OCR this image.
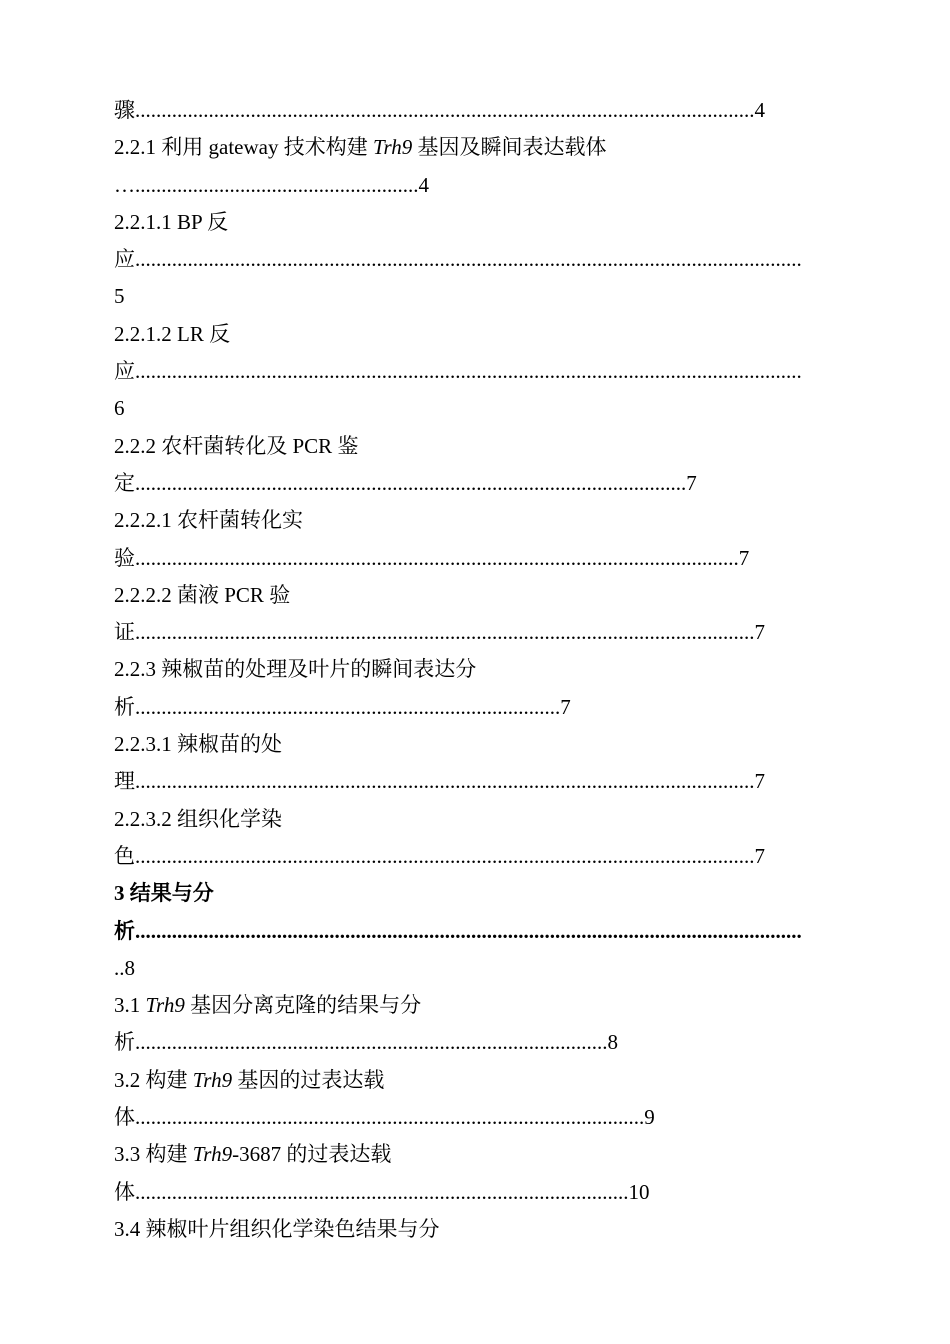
骤......................................................................................................................4
2.2.1 利用 gateway 技术构建 Trh9 基因及瞬间表达载体
…......................................................4
2.2.1.1 BP 反
应...............................................................................................................................
5
2.2.1.2 LR 反
应...............................................................................................................................
6
2.2.2 农杆菌转化及 PCR 鉴
定.........................................................................................................7
2.2.2.1 农杆菌转化实
验...................................................................................................................7
2.2.2.2 菌液 PCR 验
证......................................................................................................................7
2.2.3 辣椒苗的处理及叶片的瞬间表达分
析.................................................................................7
2.2.3.1 辣椒苗的处
理......................................................................................................................7
2.2.3.2 组织化学染
色......................................................................................................................7
3 结果与分
析...............................................................................................................................
..8
3.1 Trh9 基因分离克隆的结果与分
析..........................................................................................8
3.2 构建 Trh9 基因的过表达载
体.................................................................................................9
3.3 构建 Trh9-3687 的过表达载
体..............................................................................................10
3.4 辣椒叶片组织化学染色结果与分
